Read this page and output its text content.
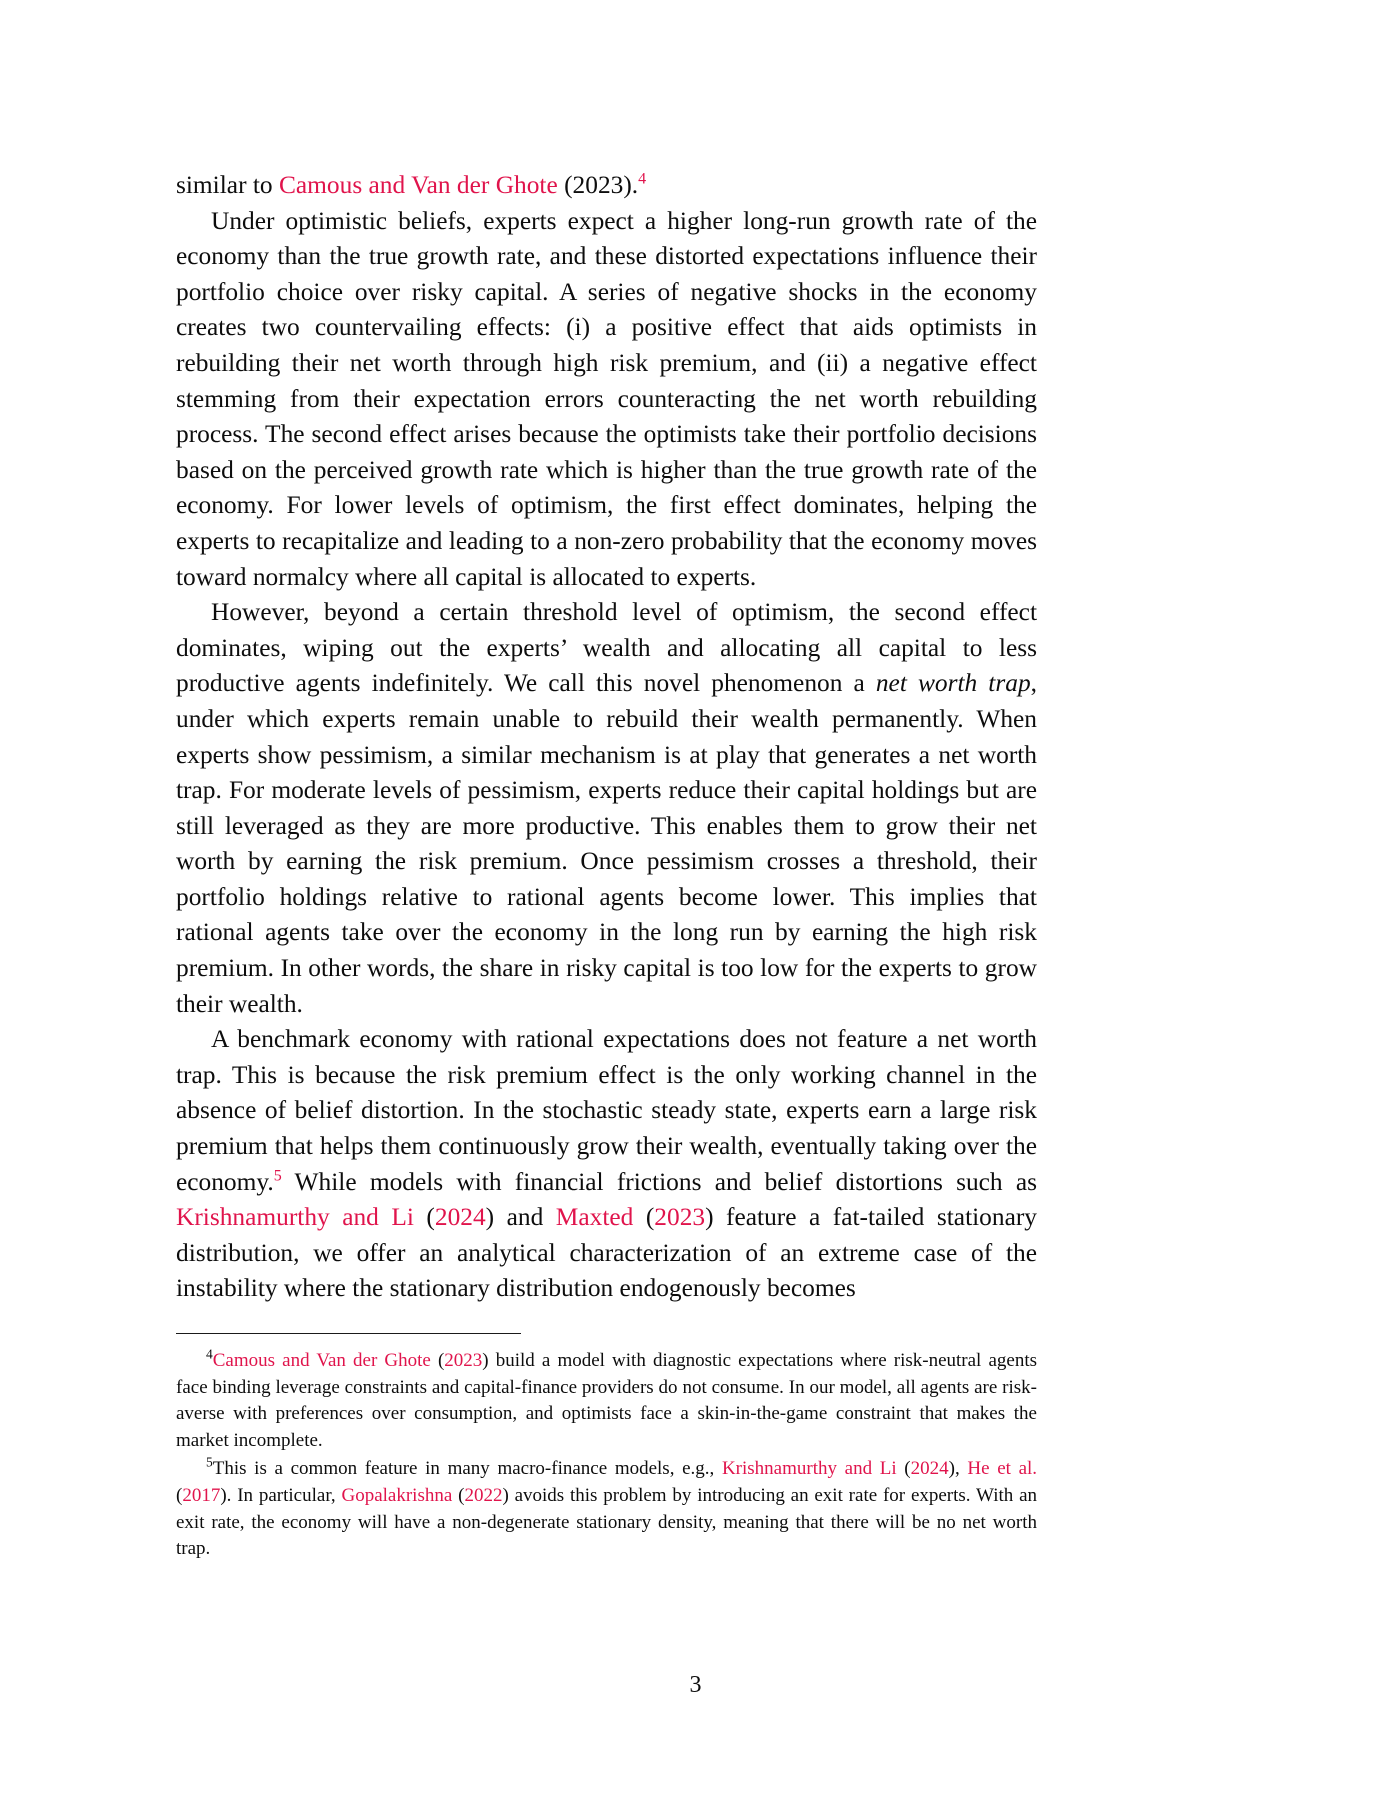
similar to Camous and Van der Ghote (2023).$^4$

Under optimistic beliefs, experts expect a higher long-run growth rate of the economy than the true growth rate, and these distorted expectations influence their portfolio choice over risky capital. A series of negative shocks in the economy creates two countervailing effects: (i) a positive effect that aids optimists in rebuilding their net worth through high risk premium, and (ii) a negative effect stemming from their expectation errors counteracting the net worth rebuilding process. The second effect arises because the optimists take their portfolio decisions based on the perceived growth rate which is higher than the true growth rate of the economy. For lower levels of optimism, the first effect dominates, helping the experts to recapitalize and leading to a non-zero probability that the economy moves toward normalcy where all capital is allocated to experts.

However, beyond a certain threshold level of optimism, the second effect dominates, wiping out the experts’ wealth and allocating all capital to less productive agents indefinitely. We call this novel phenomenon a net worth trap, under which experts remain unable to rebuild their wealth permanently. When experts show pessimism, a similar mechanism is at play that generates a net worth trap. For moderate levels of pessimism, experts reduce their capital holdings but are still leveraged as they are more productive. This enables them to grow their net worth by earning the risk premium. Once pessimism crosses a threshold, their portfolio holdings relative to rational agents become lower. This implies that rational agents take over the economy in the long run by earning the high risk premium. In other words, the share in risky capital is too low for the experts to grow their wealth.

A benchmark economy with rational expectations does not feature a net worth trap. This is because the risk premium effect is the only working channel in the absence of belief distortion. In the stochastic steady state, experts earn a large risk premium that helps them continuously grow their wealth, eventually taking over the economy.$^5$ While models with financial frictions and belief distortions such as Krishnamurthy and Li (2024) and Maxted (2023) feature a fat-tailed stationary distribution, we offer an analytical characterization of an extreme case of the instability where the stationary distribution endogenously becomes

$^4$Camous and Van der Ghote (2023) build a model with diagnostic expectations where risk-neutral agents face binding leverage constraints and capital-finance providers do not consume. In our model, all agents are risk-averse with preferences over consumption, and optimists face a skin-in-the-game constraint that makes the market incomplete.

$^5$This is a common feature in many macro-finance models, e.g., Krishnamurthy and Li (2024), He et al. (2017). In particular, Gopalakrishna (2022) avoids this problem by introducing an exit rate for experts. With an exit rate, the economy will have a non-degenerate stationary density, meaning that there will be no net worth trap.

3
